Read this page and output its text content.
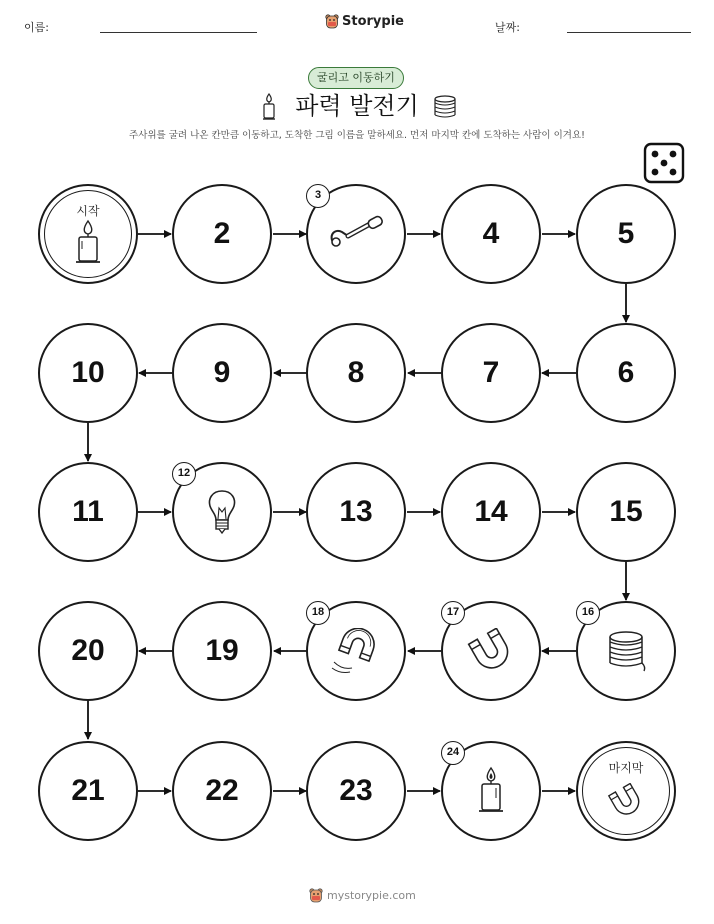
이름:	Storypie	날짜:
굴리고 이동하기
파력 발전기
주사위를 굴려 나온 칸만큼 이동하고, 도착한 그림 이름을 말하세요. 먼저 마지막 칸에 도착하는 사람이 이겨요!
시작
2
3
4	5
6
7
8
9
10
11
12
13	14	15
16
17
18
19
20
21	22	23
24
마지막
mystorypie.com
